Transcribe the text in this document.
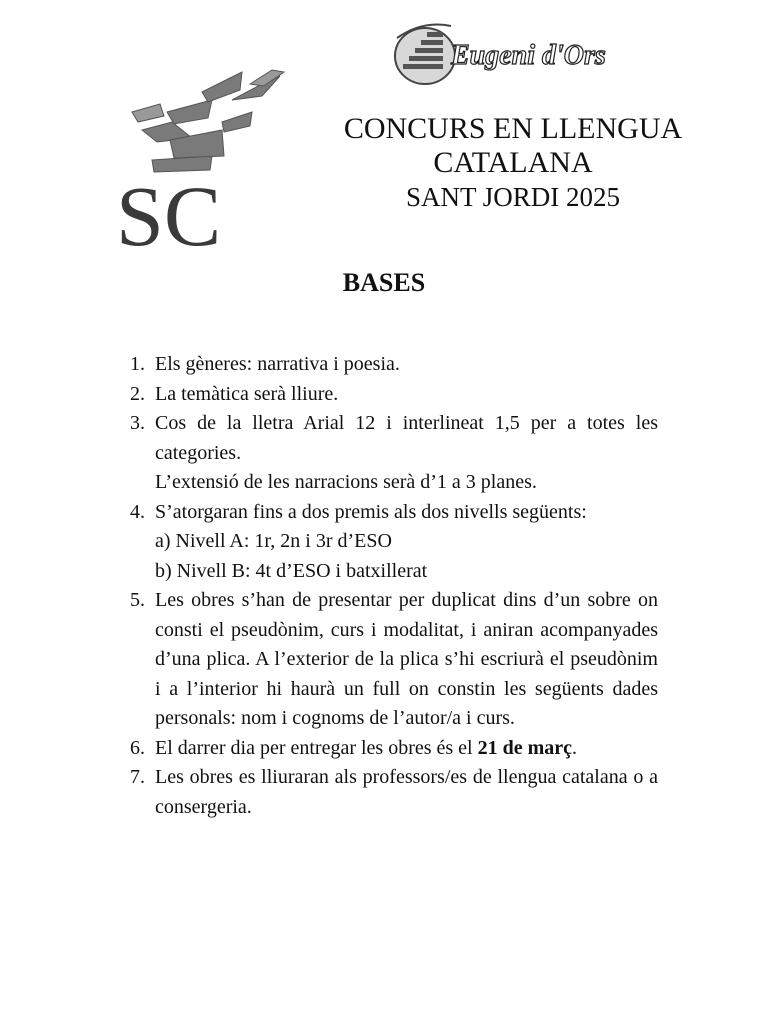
SC
Eugeni d'Ors
CONCURS EN LLENGUA
CATALANA
SANT JORDI 2025
BASES
1. Els gèneres: narrativa i poesia.
2. La temàtica serà lliure.
3. Cos de la lletra Arial 12 i interlineat 1,5 per a totes les categories.
L’extensió de les narracions serà d’1 a 3 planes.
4. S’atorgaran fins a dos premis als dos nivells següents:
a) Nivell A: 1r, 2n i 3r d’ESO
b) Nivell B: 4t d’ESO i batxillerat
5. Les obres s’han de presentar per duplicat dins d’un sobre on consti el pseudònim, curs i modalitat, i aniran acompanyades d’una plica. A l’exterior de la plica s’hi escriurà el pseudònim i a l’interior hi haurà un full on constin les següents dades personals: nom i cognoms de l’autor/a i curs.
6. El darrer dia per entregar les obres és el 21 de març.
7. Les obres es lliuraran als professors/es de llengua catalana o a consergeria.
